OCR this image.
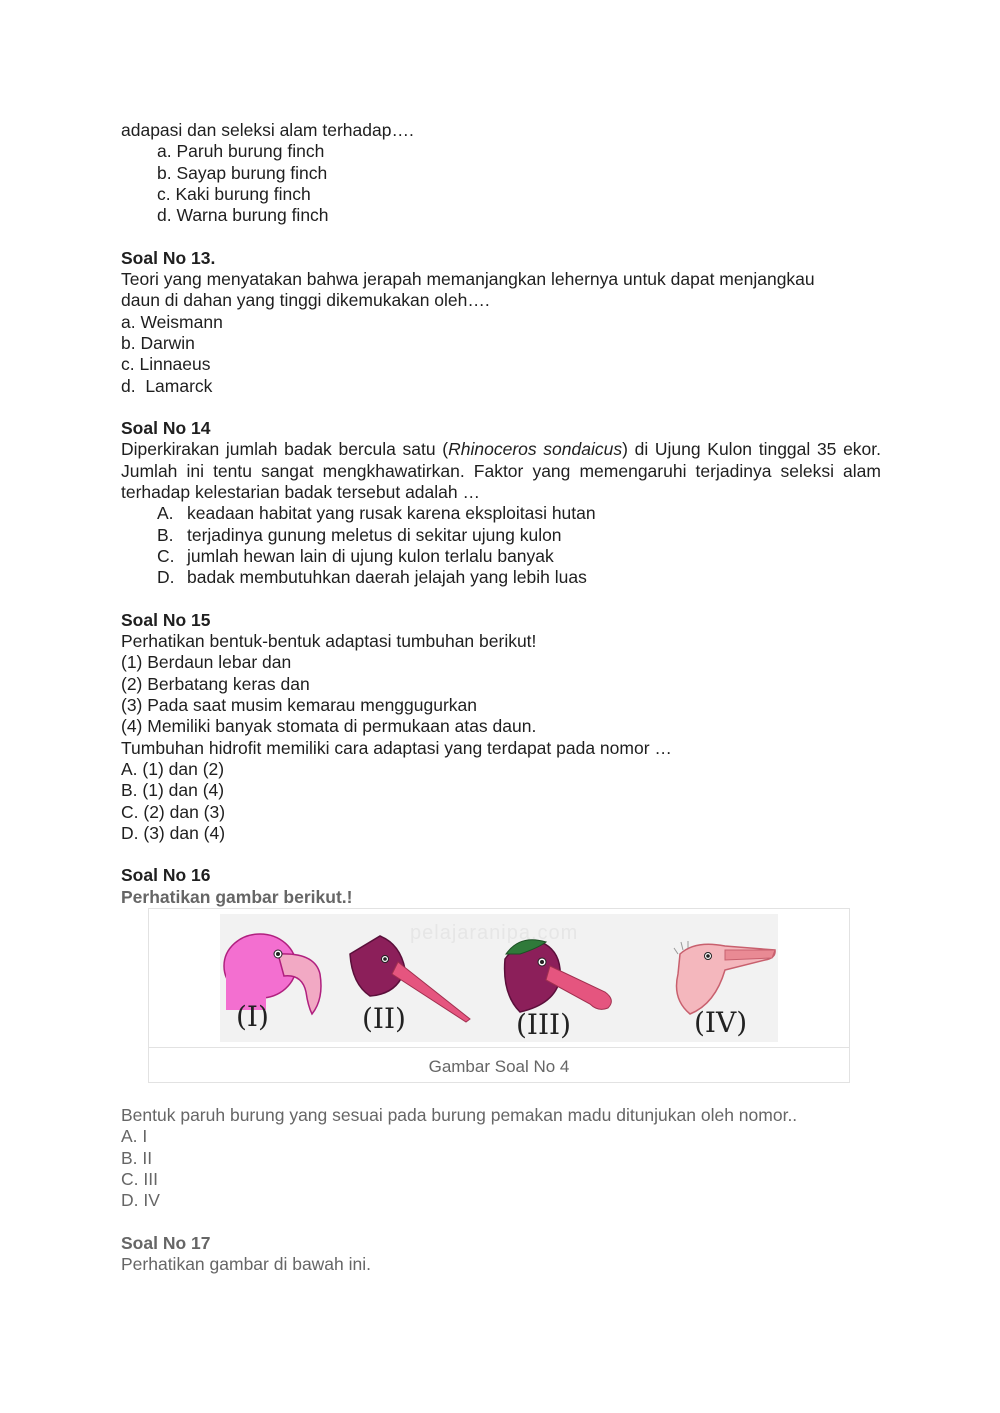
adapasi dan seleksi alam terhadap….
a. Paruh burung finch
b. Sayap burung finch
c. Kaki burung finch
d. Warna burung finch
Soal No 13.
Teori yang menyatakan bahwa jerapah memanjangkan lehernya untuk dapat menjangkau
daun di dahan yang tinggi dikemukakan oleh….
a. Weismann
b. Darwin
c. Linnaeus
d.  Lamarck
Soal No 14
Diperkirakan jumlah badak bercula satu (Rhinoceros sondaicus) di Ujung Kulon tinggal 35 ekor. Jumlah ini tentu sangat mengkhawatirkan. Faktor yang memengaruhi terjadinya seleksi alam terhadap kelestarian badak tersebut adalah …
A. keadaan habitat yang rusak karena eksploitasi hutan
B. terjadinya gunung meletus di sekitar ujung kulon
C. jumlah hewan lain di ujung kulon terlalu banyak
D. badak membutuhkan daerah jelajah yang lebih luas
Soal No 15
Perhatikan bentuk-bentuk adaptasi tumbuhan berikut!
(1) Berdaun lebar dan
(2) Berbatang keras dan
(3) Pada saat musim kemarau menggugurkan
(4) Memiliki banyak stomata di permukaan atas daun.
Tumbuhan hidrofit memiliki cara adaptasi yang terdapat pada nomor …
A. (1) dan (2)
B. (1) dan (4)
C. (2) dan (3)
D. (3) dan (4)
Soal No 16
Perhatikan gambar berikut.!
pelajaranipa.com
(I)	(II)	(III)	(IV)
Gambar Soal No 4
Bentuk paruh burung yang sesuai pada burung pemakan madu ditunjukan oleh nomor..
A. I
B. II
C. III
D. IV
Soal No 17
Perhatikan gambar di bawah ini.
